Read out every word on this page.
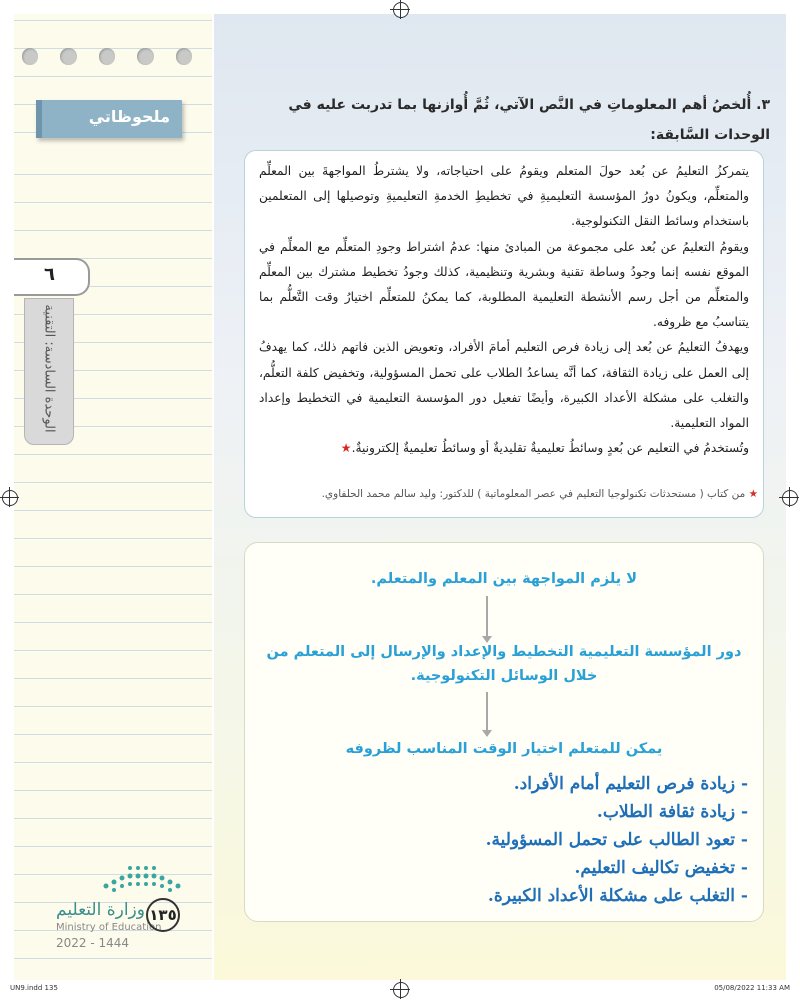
ملحوظاتي
٦
الوحدة السادسة: التقنية
وزارة التعليم
Ministry of Education
2022 - 1444
١٣٥
٣. أُلخصُ أهم المعلوماتِ في النَّص الآتي، ثُمَّ أُوازنها بما تدربت عليه في الوحدات السَّابقة:

يتمركزُ التعليمُ عن بُعد حولَ المتعلم ويقومُ على احتياجاته، ولا يشترطُ المواجهةَ بين المعلِّم والمتعلِّم، ويكونُ دورُ المؤسسة التعليميةِ في تخطيطِ الخدمةِ التعليميةِ وتوصيلها إلى المتعلمين باستخدام وسائط النقل التكنولوجية.

ويقومُ التعليمُ عن بُعد على مجموعة من المبادئ منها: عدمُ اشتراط وجودِ المتعلِّم مع المعلِّم في الموقع نفسه إنما وجودُ وساطة تقنية وبشرية وتنظيمية، كذلك وجودُ تخطيط مشترك بين المعلِّم والمتعلِّم من أجل رسم الأنشطة التعليمية المطلوبة، كما يمكنُ للمتعلِّم اختيارُ وقت التَّعلُّم بما يتناسبُ مع ظروفه.

ويهدفُ التعليمُ عن بُعد إلى زيادة فرص التعليم أمامَ الأفراد، وتعويض الذين فاتهم ذلك، كما يهدفُ إلى العمل على زيادة الثقافة، كما أنَّه يساعدُ الطلاب على تحمل المسؤولية، وتخفيض كلفة التعلُّم، والتغلب على مشكلة الأعداد الكبيرة، وأيضًا تفعيل دور المؤسسة التعليمية في التخطيط وإعداد المواد التعليمية.

وتُستخدمُ في التعليم عن بُعدٍ وسائطُ تعليميةٌ تقليديةٌ أو وسائطُ تعليميةٌ إلكترونيةٌ.★

★ من كتاب ( مستحدثات تكنولوجيا التعليم في عصر المعلوماتية ) للدكتور: وليد سالم محمد الحلفاوي.
لا يلزم المواجهة بين المعلم والمتعلم.
دور المؤسسة التعليمية التخطيط والإعداد والإرسال إلى المتعلم من خلال الوسائل التكنولوجية.
يمكن للمتعلم اختيار الوقت المناسب لظروفه
- زيادة فرص التعليم أمام الأفراد.
- زيادة ثقافة الطلاب.
- تعود الطالب على تحمل المسؤولية.
- تخفيض تكاليف التعليم.
- التغلب على مشكلة الأعداد الكبيرة.
UN9.indd 135	05/08/2022 11:33 AM
